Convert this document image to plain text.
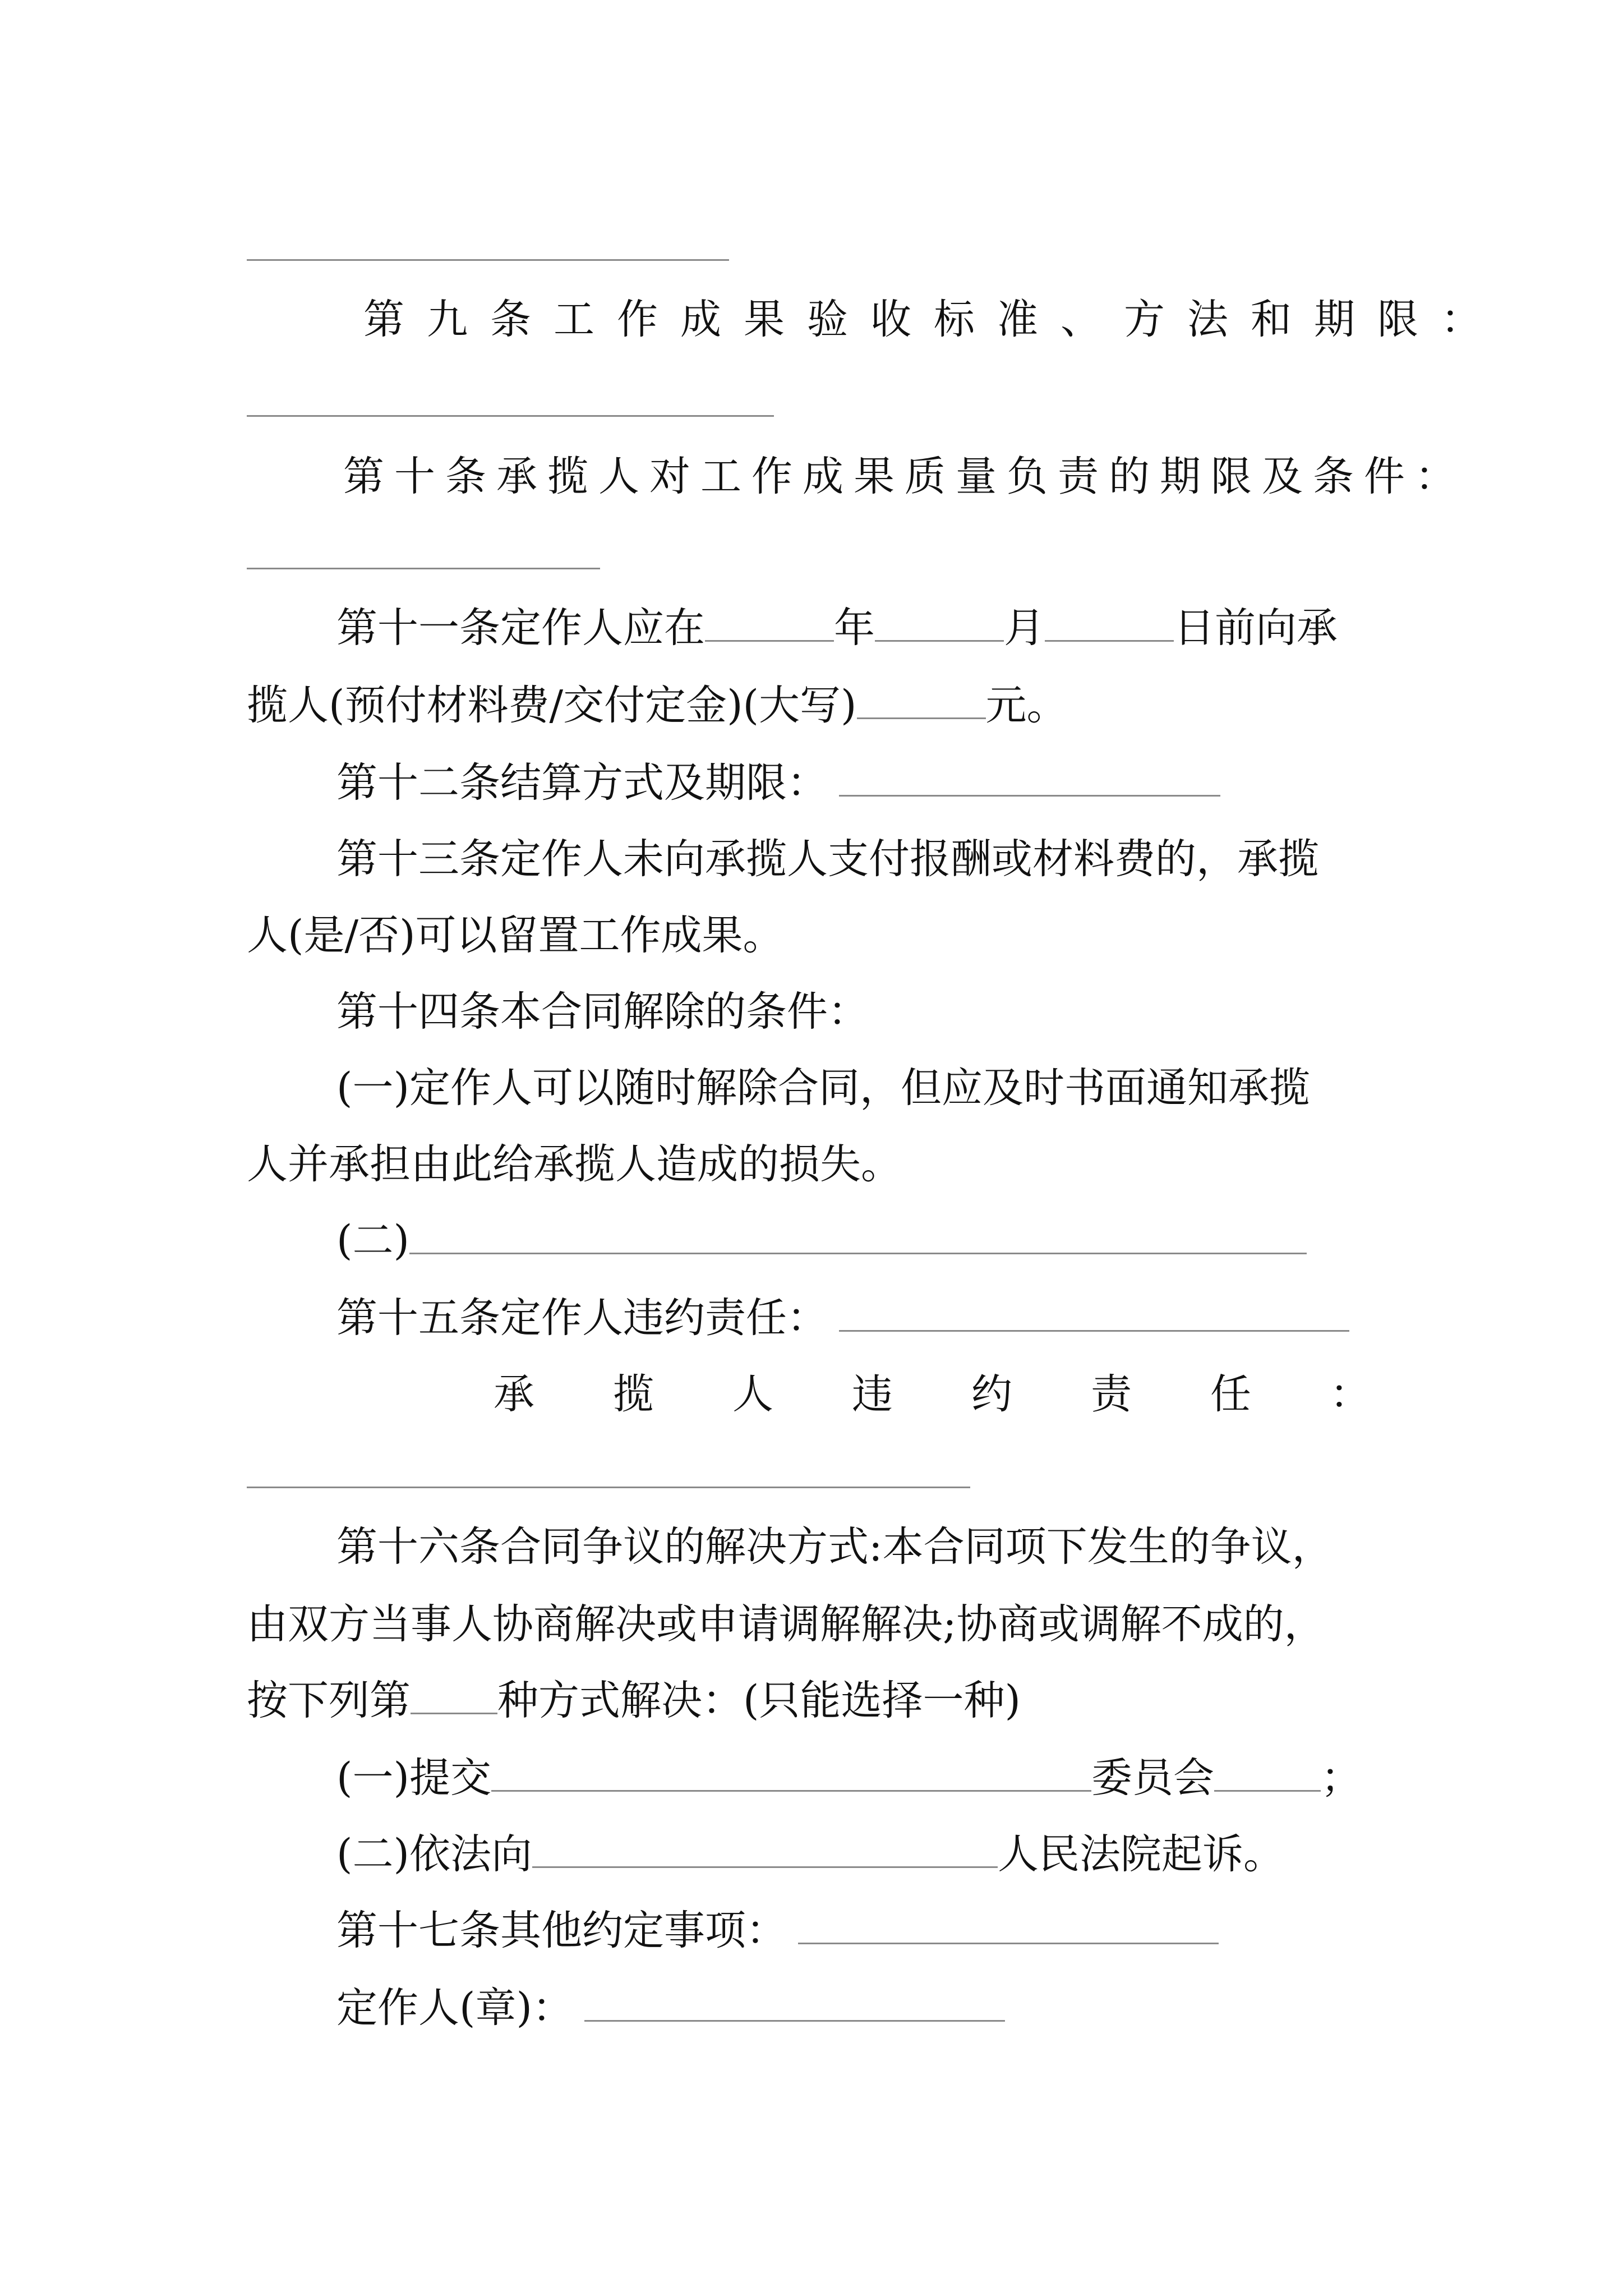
第九条工作成果验收标准、方法和期限：
第十条承揽人对工作成果质量负责的期限及条件：
第十一条定作人应在	年	月	日前向承
揽人(预付材料费/交付定金)(大写)	元。
第十二条结算方式及期限：
第十三条定作人未向承揽人支付报酬或材料费的，承揽
人(是/否)可以留置工作成果。
第十四条本合同解除的条件：
(一)定作人可以随时解除合同，但应及时书面通知承揽
人并承担由此给承揽人造成的损失。
(二)
第十五条定作人违约责任：
承揽人违约责任：
第十六条合同争议的解决方式:本合同项下发生的争议，
由双方当事人协商解决或申请调解解决;协商或调解不成的，
按下列第 种方式解决：(只能选择一种)
(一)提交	委员会	；
(二)依法向	人民法院起诉。
第十七条其他约定事项：
定作人(章)：
